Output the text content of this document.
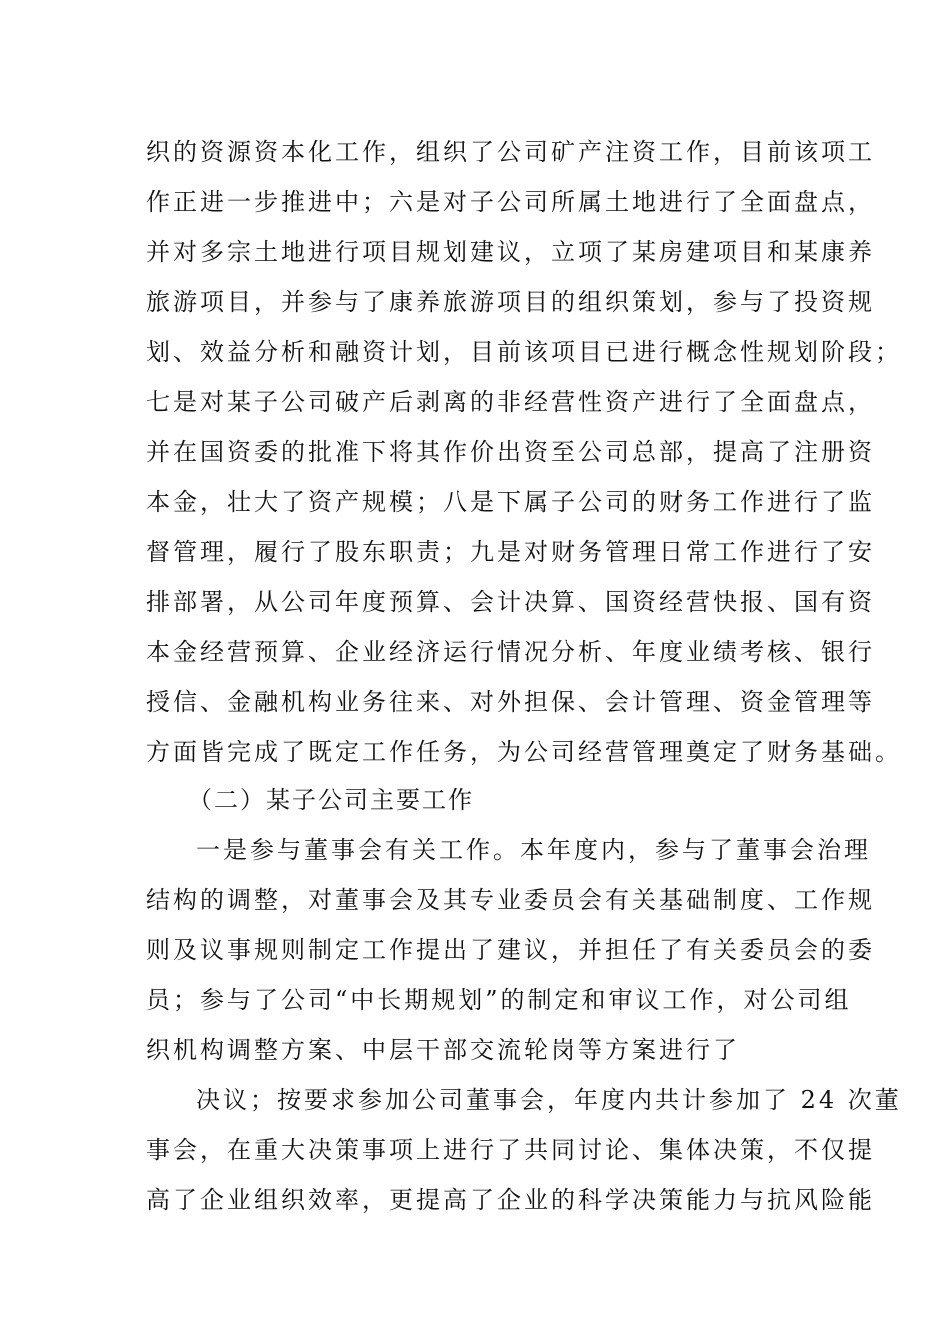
织的资源资本化工作，组织了公司矿产注资工作，目前该项工
作正进一步推进中；六是对子公司所属土地进行了全面盘点，
并对多宗土地进行项目规划建议，立项了某房建项目和某康养
旅游项目，并参与了康养旅游项目的组织策划，参与了投资规
划、效益分析和融资计划，目前该项目已进行概念性规划阶段；
七是对某子公司破产后剥离的非经营性资产进行了全面盘点，
并在国资委的批准下将其作价出资至公司总部，提高了注册资
本金，壮大了资产规模；八是下属子公司的财务工作进行了监
督管理，履行了股东职责；九是对财务管理日常工作进行了安
排部署，从公司年度预算、会计决算、国资经营快报、国有资
本金经营预算、企业经济运行情况分析、年度业绩考核、银行
授信、金融机构业务往来、对外担保、会计管理、资金管理等
方面皆完成了既定工作任务，为公司经营管理奠定了财务基础。
（二）某子公司主要工作
一是参与董事会有关工作。本年度内，参与了董事会治理
结构的调整，对董事会及其专业委员会有关基础制度、工作规
则及议事规则制定工作提出了建议，并担任了有关委员会的委
员；参与了公司“中长期规划”的制定和审议工作，对公司组
织机构调整方案、中层干部交流轮岗等方案进行了
决议；按要求参加公司董事会，年度内共计参加了 24 次董
事会，在重大决策事项上进行了共同讨论、集体决策，不仅提
高了企业组织效率，更提高了企业的科学决策能力与抗风险能
